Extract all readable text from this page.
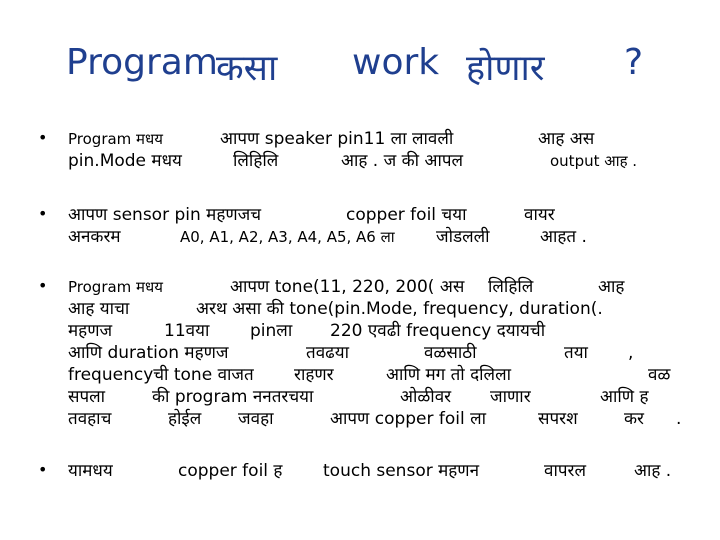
Program
कसा work होणार ?
• Program मधय	आपण speaker pin11 ला लावली	आह अस
pin.Mode मधय	लिहिलि	आह . ज की आपल	output आह .
• आपण sensor pin महणजच	copper foil चया	वायर
अनकरम	A0, A1, A2, A3, A4, A5, A6 ला जोडलली	आहत .
• Program मधय	आपण tone(11, 220, 200( अस लिहिलि	आह
आह याचा	अरथ असा की tone(pin.Mode, frequency, duration(.
महणज	11वया pinला 220 एवढी frequency दयायची
आणि duration महणज	तवढया	वळसाठी	तया ,
frequencyची tone वाजत राहणर	आणि मग तो दलिला	वळ
सपला	की program ननतरचया	ओळीवर जाणार	आणि ह
तवहाच	होईल जवहा	आपण copper foil ला	सपरश	कर .
• यामधय	copper foil ह touch sensor महणन	वापरल	आह .
